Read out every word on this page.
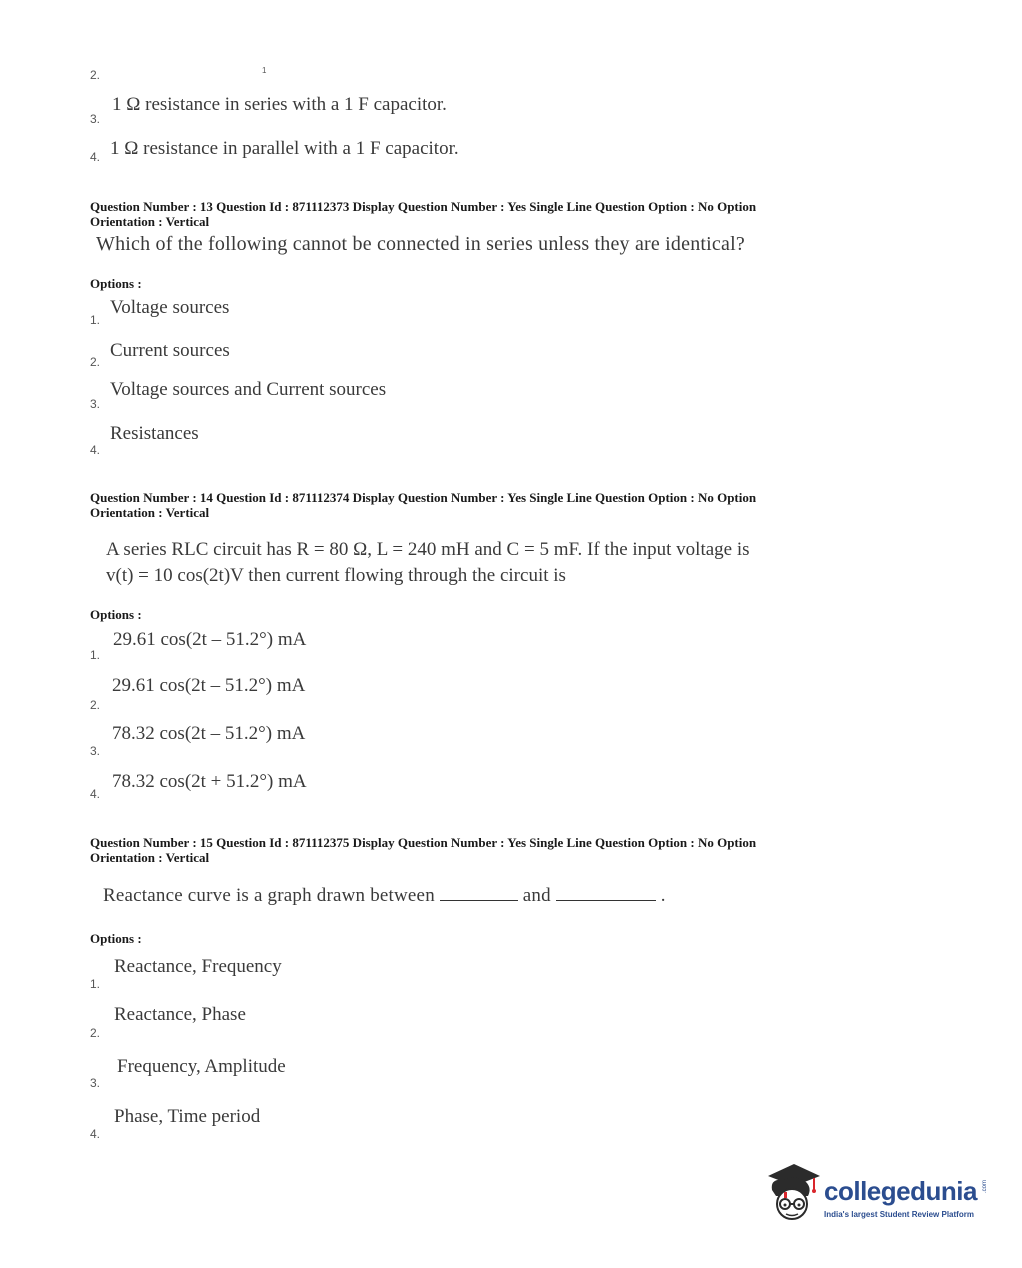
2.	1
3.
1 Ω resistance in series with a 1 F capacitor.
4. 1 Ω resistance in parallel with a 1 F capacitor.
Question Number : 13 Question Id : 871112373 Display Question Number : Yes Single Line Question Option : No Option
Orientation : Vertical
Which of the following cannot be connected in series unless they are identical?
Options :
1.
Voltage sources
2.
Current sources
3.
Voltage sources and Current sources
4.
Resistances
Question Number : 14 Question Id : 871112374 Display Question Number : Yes Single Line Question Option : No Option
Orientation : Vertical
A series RLC circuit has R = 80 Ω, L = 240 mH and C = 5 mF. If the input voltage is
v(t) = 10 cos(2t)V then current flowing through the circuit is
Options :
1.
29.61 cos(2t – 51.2°) mA
2.
29.61 cos(2t – 51.2°) mA
3.
78.32 cos(2t – 51.2°) mA
4.
78.32 cos(2t + 51.2°) mA
Question Number : 15 Question Id : 871112375 Display Question Number : Yes Single Line Question Option : No Option
Orientation : Vertical
Reactance curve is a graph drawn between	and	.
Options :
1.
Reactance, Frequency
2.
Reactance, Phase
3.
Frequency, Amplitude
4.
Phase, Time period
collegedunia .com
India's largest Student Review Platform
